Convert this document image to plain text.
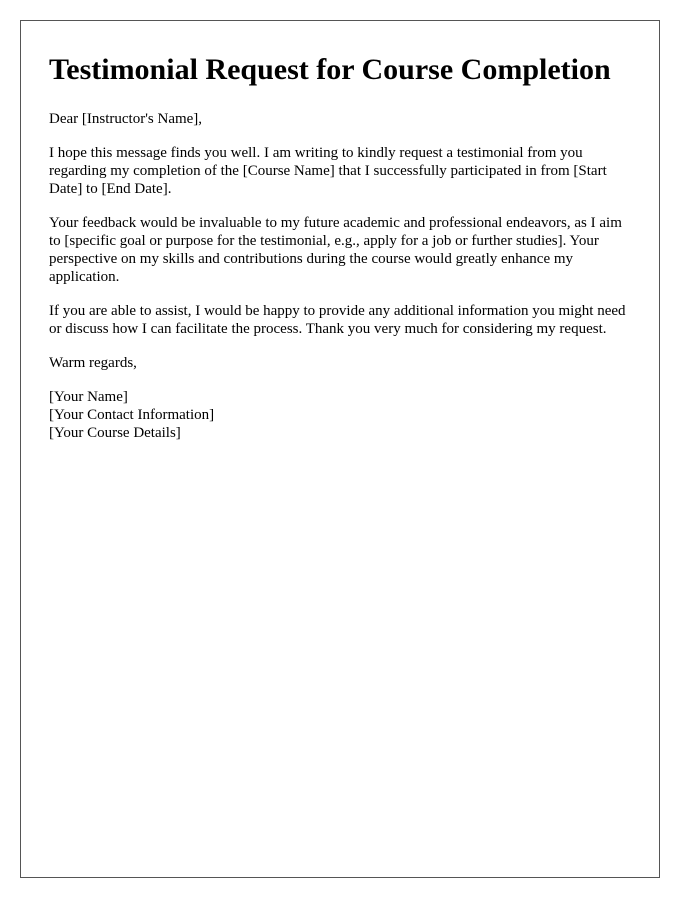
Testimonial Request for Course Completion

Dear [Instructor's Name],

I hope this message finds you well. I am writing to kindly request a testimonial from you regarding my completion of the [Course Name] that I successfully participated in from [Start Date] to [End Date].

Your feedback would be invaluable to my future academic and professional endeavors, as I aim to [specific goal or purpose for the testimonial, e.g., apply for a job or further studies]. Your perspective on my skills and contributions during the course would greatly enhance my application.

If you are able to assist, I would be happy to provide any additional information you might need or discuss how I can facilitate the process. Thank you very much for considering my request.

Warm regards,

[Your Name]
[Your Contact Information]
[Your Course Details]
